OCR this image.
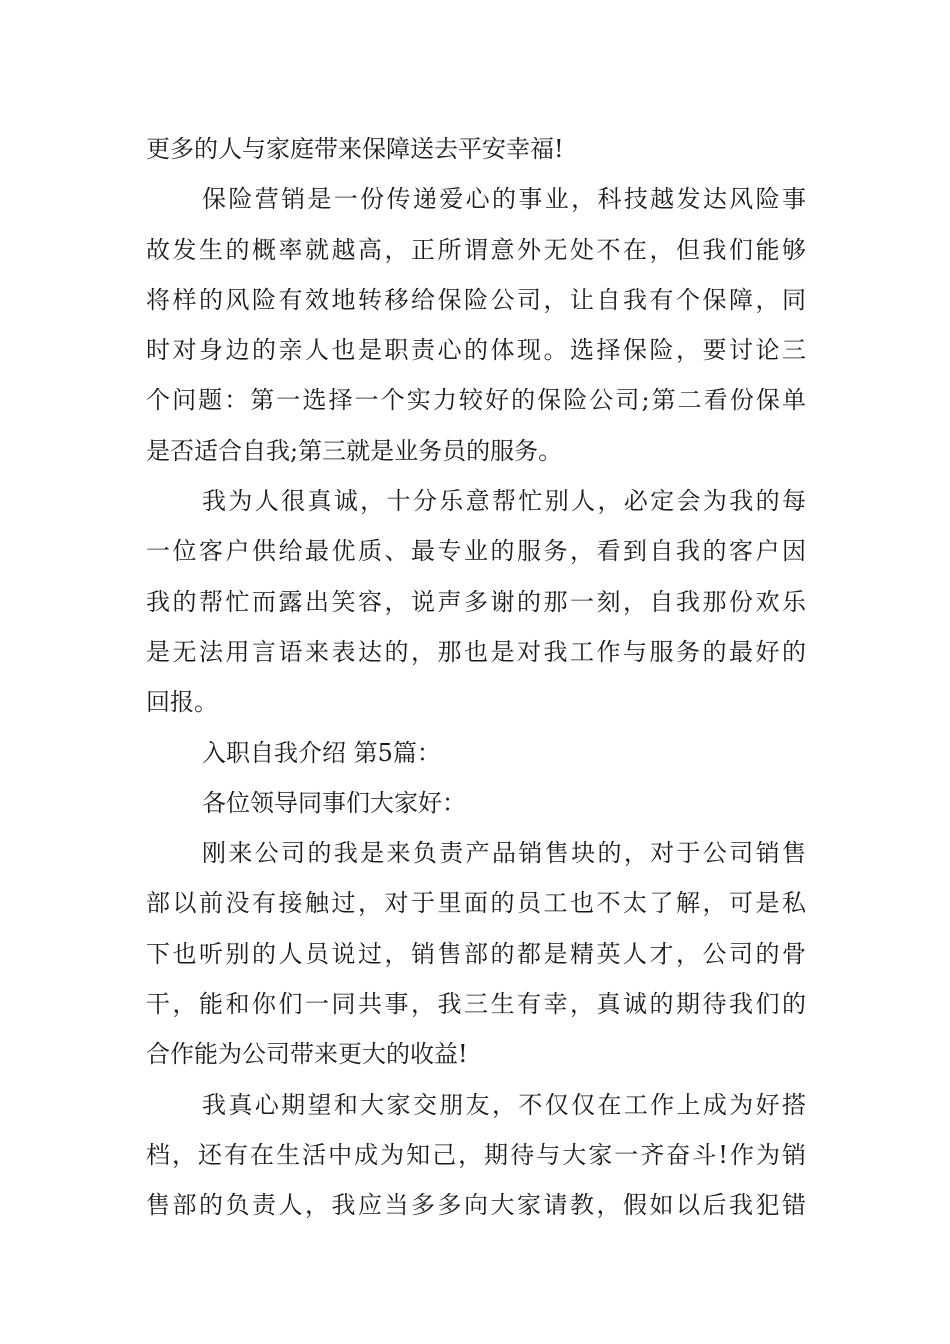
更多的人与家庭带来保障送去平安幸福!
保险营销是一份传递爱心的事业，科技越发达风险事
故发生的概率就越高，正所谓意外无处不在，但我们能够
将样的风险有效地转移给保险公司，让自我有个保障，同
时对身边的亲人也是职责心的体现。选择保险，要讨论三
个问题：第一选择一个实力较好的保险公司;第二看份保单
是否适合自我;第三就是业务员的服务。
我为人很真诚，十分乐意帮忙别人，必定会为我的每
一位客户供给最优质、最专业的服务，看到自我的客户因
我的帮忙而露出笑容，说声多谢的那一刻，自我那份欢乐
是无法用言语来表达的，那也是对我工作与服务的最好的
回报。
入职自我介绍 第5篇：
各位领导同事们大家好：
刚来公司的我是来负责产品销售块的，对于公司销售
部以前没有接触过，对于里面的员工也不太了解，可是私
下也听别的人员说过，销售部的都是精英人才，公司的骨
干，能和你们一同共事，我三生有幸，真诚的期待我们的
合作能为公司带来更大的收益!
我真心期望和大家交朋友，不仅仅在工作上成为好搭
档，还有在生活中成为知己，期待与大家一齐奋斗!作为销
售部的负责人，我应当多多向大家请教，假如以后我犯错
